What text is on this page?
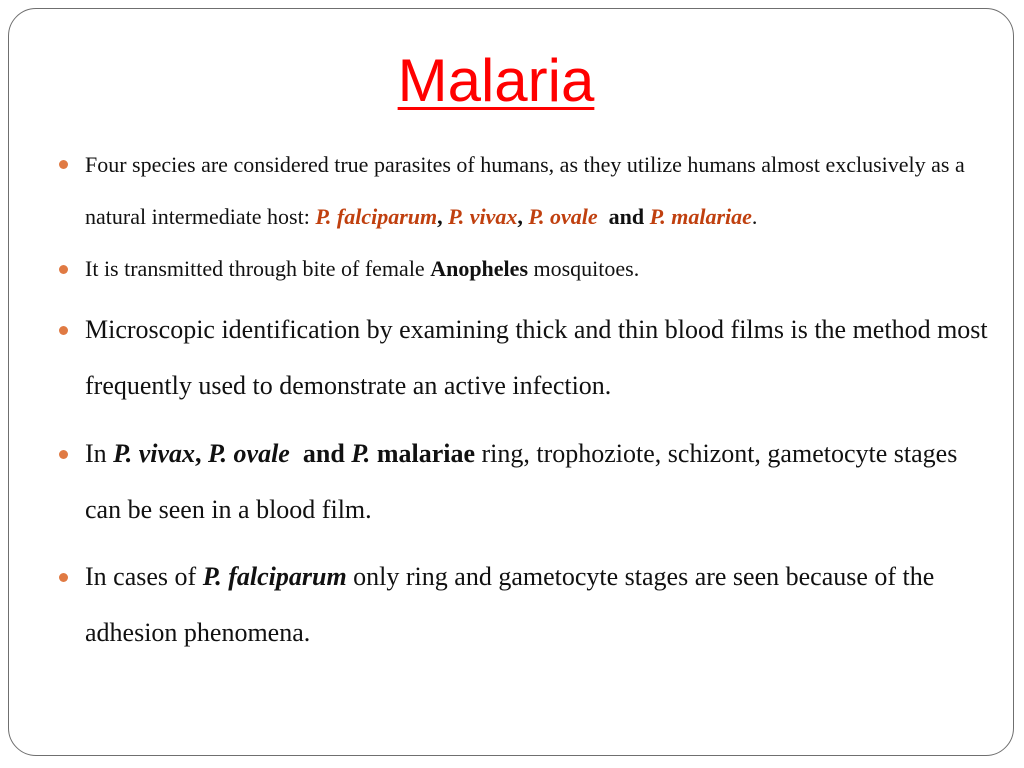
Malaria
Four species are considered true parasites of humans, as they utilize humans almost exclusively as a natural intermediate host: P. falciparum, P. vivax, P. ovale and P. malariae.
It is transmitted through bite of female Anopheles mosquitoes.
Microscopic identification by examining thick and thin blood films is the method most frequently used to demonstrate an active infection.
In P. vivax, P. ovale and P. malariae ring, trophoziote, schizont, gametocyte stages can be seen in a blood film.
In cases of P. falciparum only ring and gametocyte stages are seen because of the adhesion phenomena.
